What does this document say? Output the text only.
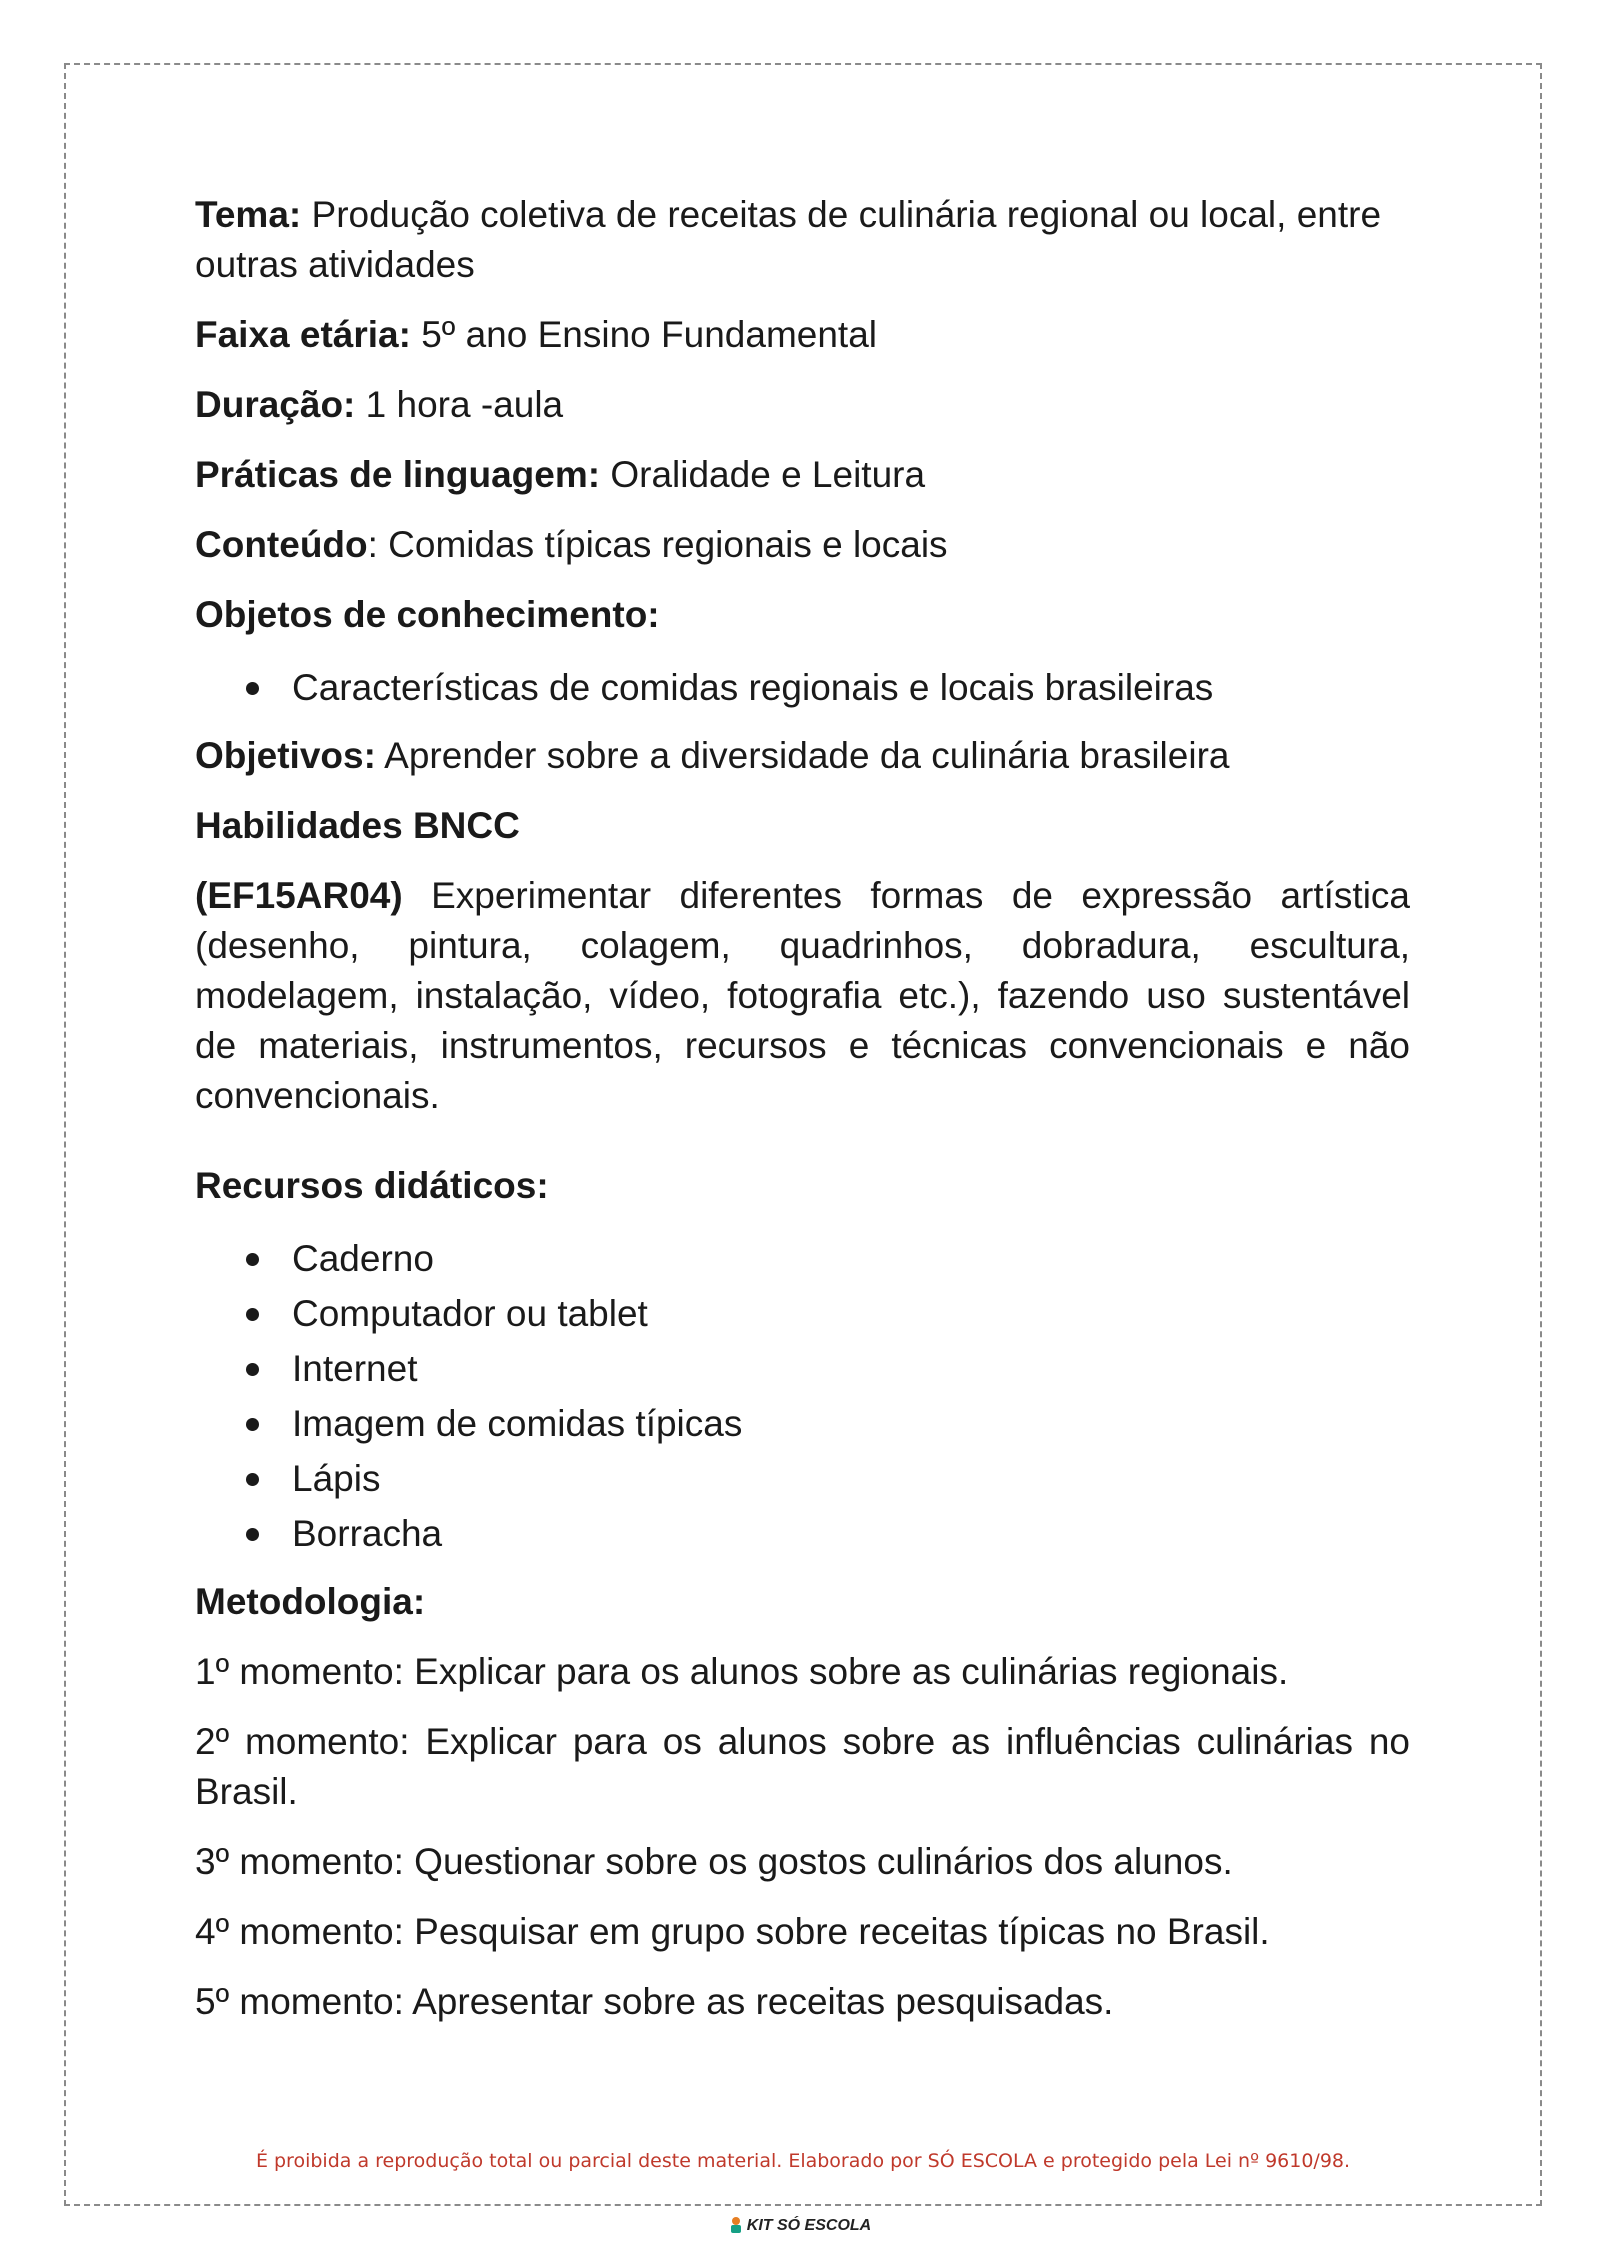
Tema: Produção coletiva de receitas de culinária regional ou local, entre outras atividades

Faixa etária: 5º ano Ensino Fundamental

Duração: 1 hora -aula

Práticas de linguagem: Oralidade e Leitura

Conteúdo: Comidas típicas regionais e locais

Objetos de conhecimento:

Características de comidas regionais e locais brasileiras

Objetivos: Aprender sobre a diversidade da culinária brasileira

Habilidades BNCC

(EF15AR04) Experimentar diferentes formas de expressão artística (desenho, pintura, colagem, quadrinhos, dobradura, escultura, modelagem, instalação, vídeo, fotografia etc.), fazendo uso sustentável de materiais, instrumentos, recursos e técnicas convencionais e não convencionais.

Recursos didáticos:

Caderno
Computador ou tablet
Internet
Imagem de comidas típicas
Lápis
Borracha

Metodologia:

1º momento: Explicar para os alunos sobre as culinárias regionais.

2º momento: Explicar para os alunos sobre as influências culinárias no Brasil.

3º momento: Questionar sobre os gostos culinários dos alunos.

4º momento: Pesquisar em grupo sobre receitas típicas no Brasil.

5º momento: Apresentar sobre as receitas pesquisadas.

É proibida a reprodução total ou parcial deste material. Elaborado por SÓ ESCOLA e protegido pela Lei nº 9610/98.
KIT SÓ ESCOLA
